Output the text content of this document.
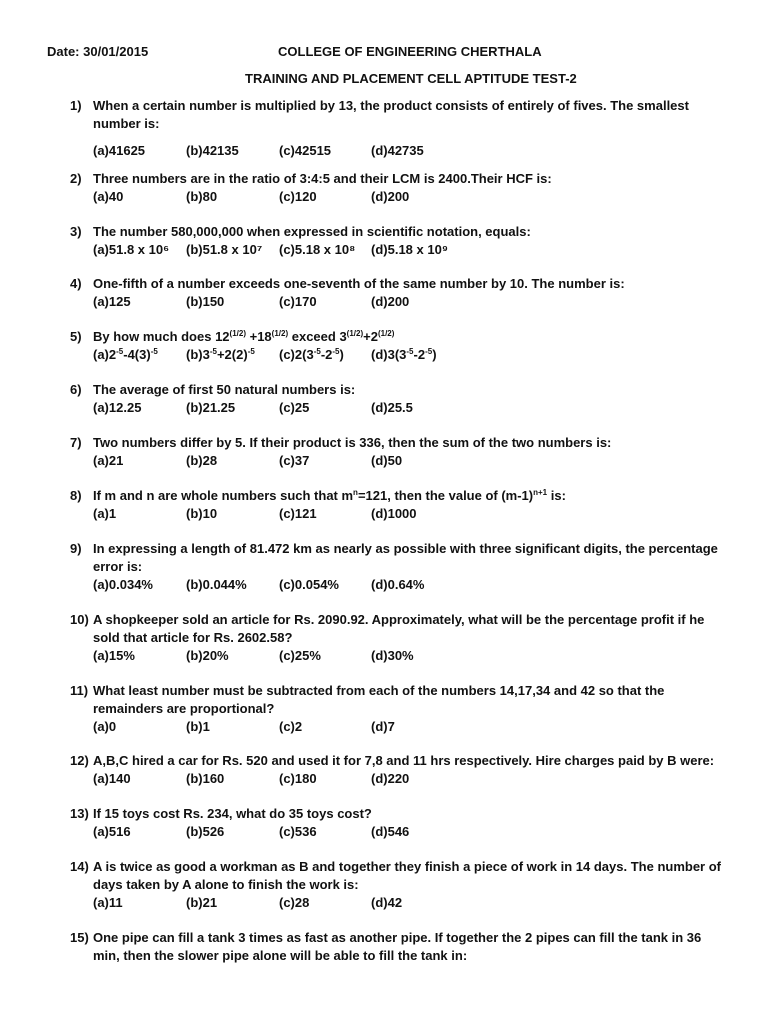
Date: 30/01/2015	COLLEGE OF ENGINEERING CHERTHALA
TRAINING AND PLACEMENT CELL APTITUDE TEST-2
1) When a certain number is multiplied by 13, the product consists of entirely of fives. The smallest number is:
(a)41625	(b)42135	(c)42515	(d)42735
2) Three numbers are in the ratio of 3:4:5 and their LCM is 2400.Their HCF is:
(a)40	(b)80	(c)120	(d)200
3) The number 580,000,000 when expressed in scientific notation, equals:
(a)51.8 x 10⁶ (b)51.8 x 10⁷ (c)5.18 x 10⁸ (d)5.18 x 10⁹
4) One-fifth of a number exceeds one-seventh of the same number by 10. The number is:
(a)125	(b)150	(c)170	(d)200
5) By how much does $12^{(1/2)} +18^{(1/2)}$ exceed $3^{(1/2)}+2^{(1/2)}$
$(a)2^{-5}-4(3)^{-5}$ $(b)3^{-5}+2(2)^{-5}$ $(c)2(3^{-5}-2^{-5})$ $(d)3(3^{-5}-2^{-5})$
6) The average of first 50 natural numbers is:
(a)12.25	(b)21.25	(c)25	(d)25.5
7) Two numbers differ by 5. If their product is 336, then the sum of the two numbers is:
(a)21	(b)28	(c)37	(d)50
8) If m and n are whole numbers such that $m^n=121$, then the value of $(m-1)^{n+1}$ is:
(a)1	(b)10	(c)121	(d)1000
9) In expressing a length of 81.472 km as nearly as possible with three significant digits, the percentage error is:
(a)0.034%	(b)0.044% (c)0.054% (d)0.64%
10) A shopkeeper sold an article for Rs. 2090.92. Approximately, what will be the percentage profit if he sold that article for Rs. 2602.58?
(a)15%	(b)20%	(c)25%	(d)30%
11) What least number must be subtracted from each of the numbers 14,17,34 and 42 so that the remainders are proportional?
(a)0	(b)1	(c)2	(d)7
12) A,B,C hired a car for Rs. 520 and used it for 7,8 and 11 hrs respectively. Hire charges paid by B were:
(a)140	(b)160	(c)180	(d)220
13) If 15 toys cost Rs. 234, what do 35 toys cost?
(a)516	(b)526	(c)536	(d)546
14) A is twice as good a workman as B and together they finish a piece of work in 14 days. The number of days taken by A alone to finish the work is:
(a)11	(b)21	(c)28	(d)42
15) One pipe can fill a tank 3 times as fast as another pipe. If together the 2 pipes can fill the tank in 36 min, then the slower pipe alone will be able to fill the tank in:
